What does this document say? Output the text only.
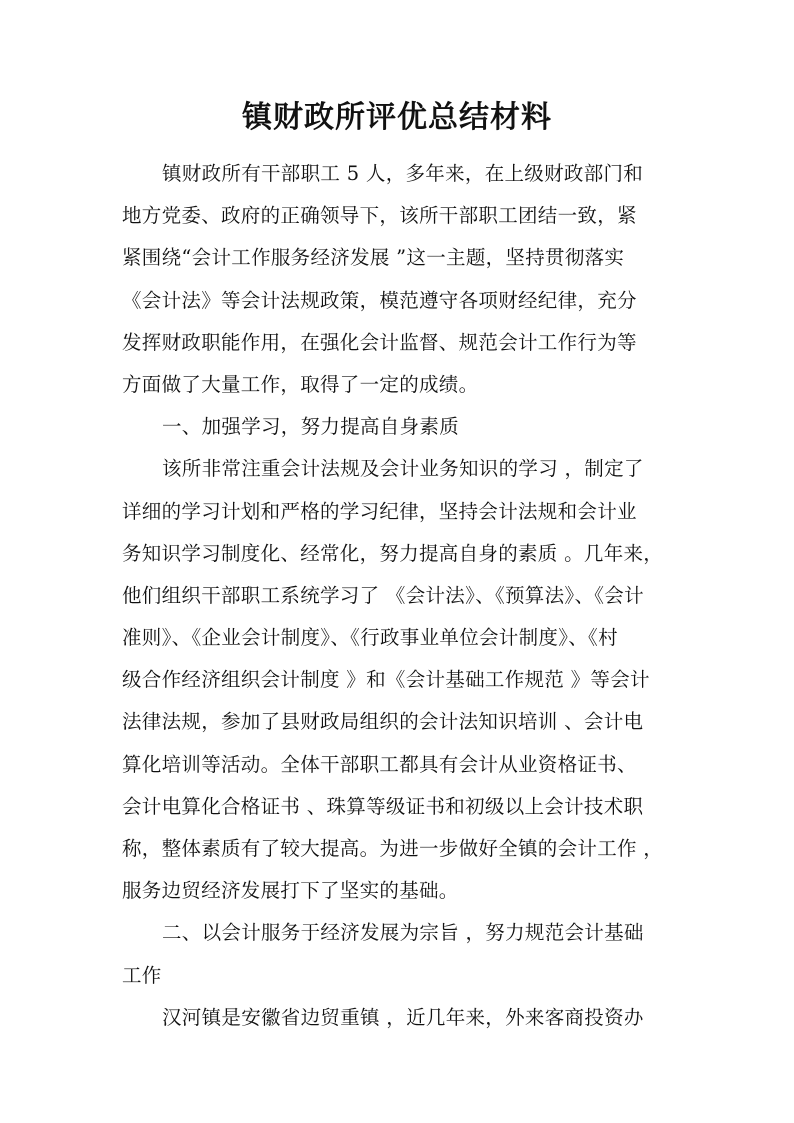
镇财政所评优总结材料
镇财政所有干部职工 5 人，多年来，在上级财政部门和
地方党委、政府的正确领导下，该所干部职工团结一致，紧
紧围绕“会计工作服务经济发展 ”这一主题，坚持贯彻落实
《会计法》等会计法规政策，模范遵守各项财经纪律，充分
发挥财政职能作用，在强化会计监督、规范会计工作行为等
方面做了大量工作，取得了一定的成绩。
一、加强学习，努力提高自身素质
该所非常注重会计法规及会计业务知识的学习 ，制定了
详细的学习计划和严格的学习纪律，坚持会计法规和会计业
务知识学习制度化、经常化，努力提高自身的素质 。几年来，
他们组织干部职工系统学习了 《会计法》、《预算法》、《会计
准则》、《企业会计制度》、《行政事业单位会计制度》、《村
级合作经济组织会计制度 》和《会计基础工作规范 》等会计
法律法规，参加了县财政局组织的会计法知识培训 、会计电
算化培训等活动。全体干部职工都具有会计从业资格证书、
会计电算化合格证书 、珠算等级证书和初级以上会计技术职
称，整体素质有了较大提高。为进一步做好全镇的会计工作 ，
服务边贸经济发展打下了坚实的基础。
二、以会计服务于经济发展为宗旨 ，努力规范会计基础
工作
汉河镇是安徽省边贸重镇 ，近几年来，外来客商投资办
